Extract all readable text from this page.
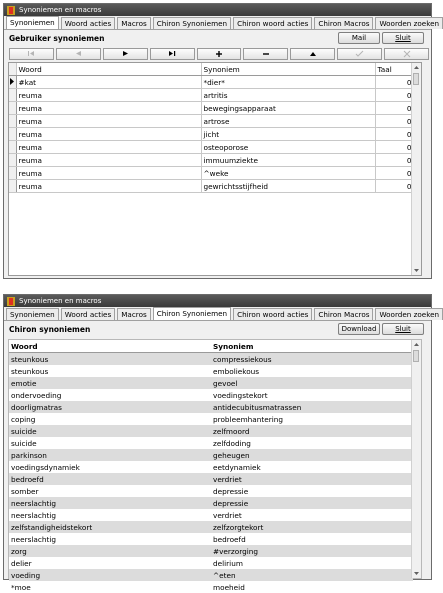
Synoniemen en macros
Synoniemen	Woord acties	Macros	Chiron Synoniemen	Chiron woord acties	Chiron Macros	Woorden zoeken
Gebruiker synoniemen	Mail	Sluit
	Woord	Synoniem	Taal
	#kat	*dier*	0
	reuma	artritis	0
	reuma	bewegingsapparaat	0
	reuma	artrose	0
	reuma	jicht	0
	reuma	osteoporose	0
	reuma	immuumziekte	0
	reuma	^weke	0
	reuma	gewrichtsstijfheid	0
Synoniemen en macros
Synoniemen	Woord acties	Macros	Chiron Synoniemen	Chiron woord acties	Chiron Macros	Woorden zoeken
Chiron synoniemen	Download	Sluit
Woord	Synoniem
steunkous	compressiekous
steunkous	emboliekous
emotie	gevoel
ondervoeding	voedingstekort
doorligmatras	antidecubitusmatrassen
coping	probleemhantering
suicide	zelfmoord
suicide	zelfdoding
parkinson	geheugen
voedingsdynamiek	eetdynamiek
bedroefd	verdriet
somber	depressie
neerslachtig	depressie
neerslachtig	verdriet
zelfstandigheidstekort	zelfzorgtekort
neerslachtig	bedroefd
zorg	#verzorging
delier	delirium
voeding	^eten
*moe	moeheid
